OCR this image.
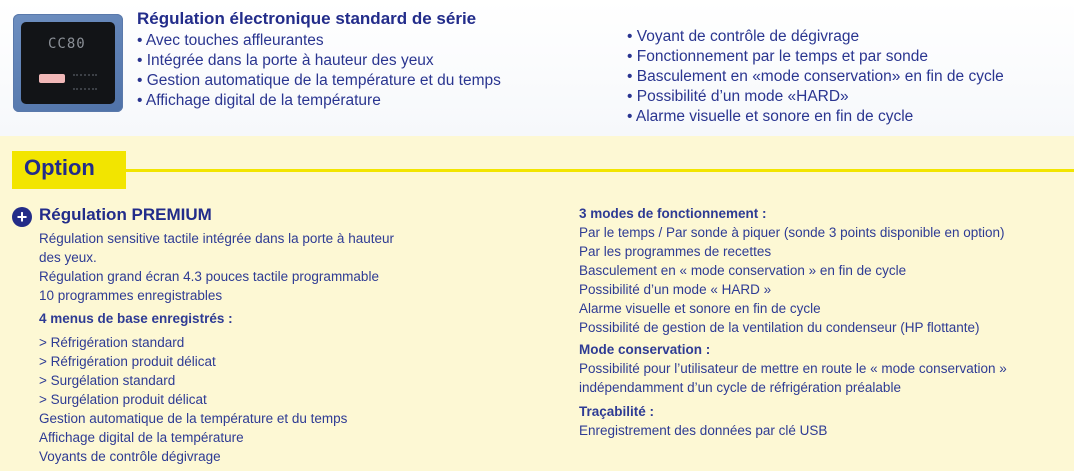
CC80
Régulation électronique standard de série
• Avec touches affleurantes
• Intégrée dans la porte à hauteur des yeux
• Gestion automatique de la température et du temps
• Affichage digital de la température
• Voyant de contrôle de dégivrage
• Fonctionnement par le temps et par sonde
• Basculement en «mode conservation» en fin de cycle
• Possibilité d’un mode «HARD»
• Alarme visuelle et sonore en fin de cycle
Option
+ Régulation PREMIUM
Régulation sensitive tactile intégrée dans la porte à hauteur
des yeux.
Régulation grand écran 4.3 pouces tactile programmable
10 programmes enregistrables
4 menus de base enregistrés :
> Réfrigération standard
> Réfrigération produit délicat
> Surgélation standard
> Surgélation produit délicat
Gestion automatique de la température et du temps
Affichage digital de la température
Voyants de contrôle dégivrage
3 modes de fonctionnement :
Par le temps / Par sonde à piquer (sonde 3 points disponible en option)
Par les programmes de recettes
Basculement en « mode conservation » en fin de cycle
Possibilité d’un mode « HARD »
Alarme visuelle et sonore en fin de cycle
Possibilité de gestion de la ventilation du condenseur (HP flottante)
Mode conservation :
Possibilité pour l’utilisateur de mettre en route le « mode conservation »
indépendamment d’un cycle de réfrigération préalable
Traçabilité :
Enregistrement des données par clé USB
